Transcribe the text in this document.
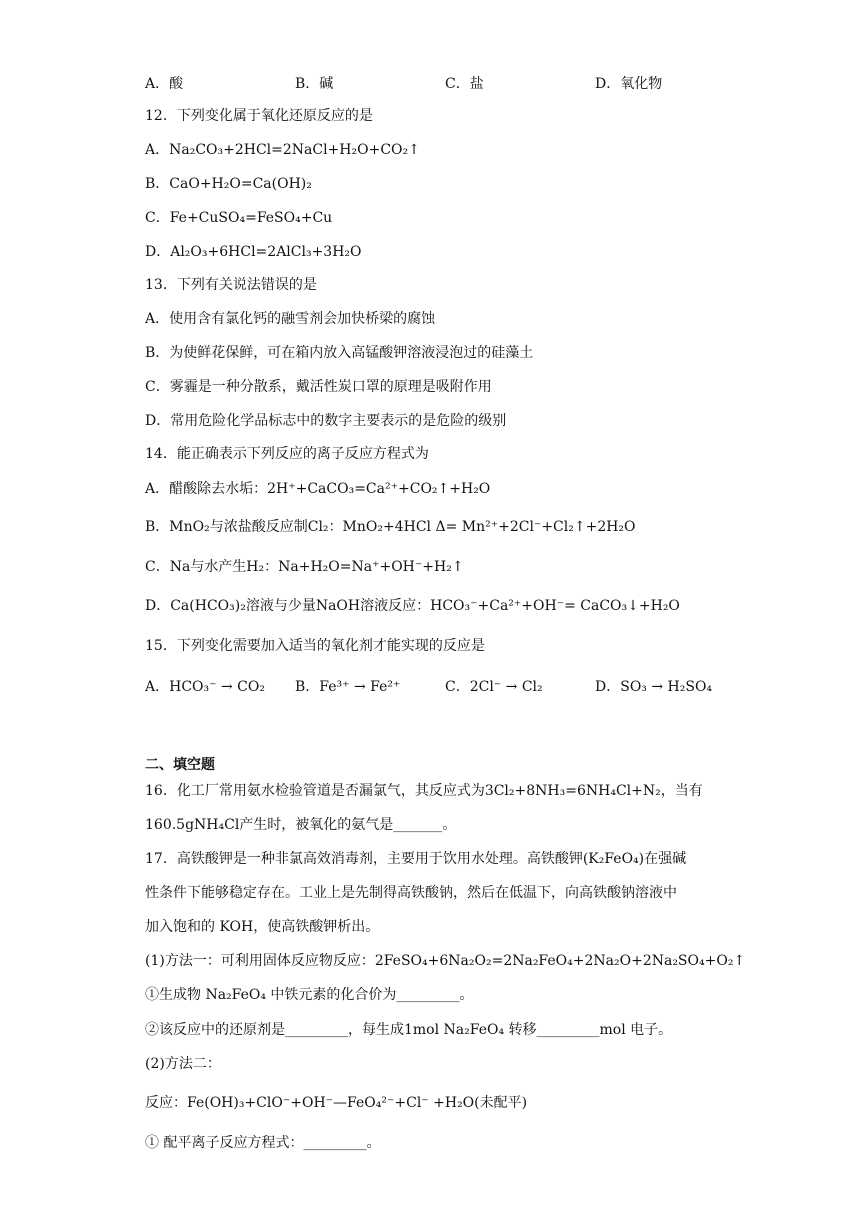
A．酸	B．碱	C．盐	D．氧化物
12．下列变化属于氧化还原反应的是
A．Na₂CO₃+2HCl=2NaCl+H₂O+CO₂↑
B．CaO+H₂O=Ca(OH)₂
C．Fe+CuSO₄=FeSO₄+Cu
D．Al₂O₃+6HCl=2AlCl₃+3H₂O
13．下列有关说法错误的是
A．使用含有氯化钙的融雪剂会加快桥梁的腐蚀
B．为使鲜花保鲜，可在箱内放入高锰酸钾溶液浸泡过的硅藻土
C．雾霾是一种分散系，戴活性炭口罩的原理是吸附作用
D．常用危险化学品标志中的数字主要表示的是危险的级别
14．能正确表示下列反应的离子反应方程式为
A．醋酸除去水垢：2H⁺+CaCO₃=Ca²⁺+CO₂↑+H₂O
B．MnO₂与浓盐酸反应制Cl₂：MnO₂+4HCl Δ= Mn²⁺+2Cl⁻+Cl₂↑+2H₂O
C．Na与水产生H₂：Na+H₂O=Na⁺+OH⁻+H₂↑
D．Ca(HCO₃)₂溶液与少量NaOH溶液反应：HCO₃⁻+Ca²⁺+OH⁻= CaCO₃↓+H₂O
15．下列变化需要加入适当的氧化剂才能实现的反应是
A．HCO₃⁻ → CO₂ B．Fe³⁺ → Fe²⁺	C．2Cl⁻ → Cl₂	D．SO₃ → H₂SO₄
二、填空题
16．化工厂常用氨水检验管道是否漏氯气，其反应式为3Cl₂+8NH₃=6NH₄Cl+N₂，当有
160.5gNH₄Cl产生时，被氧化的氨气是_______。
17．高铁酸钾是一种非氯高效消毒剂，主要用于饮用水处理。高铁酸钾(K₂FeO₄)在强碱
性条件下能够稳定存在。工业上是先制得高铁酸钠，然后在低温下，向高铁酸钠溶液中
加入饱和的 KOH，使高铁酸钾析出。
(1)方法一：可利用固体反应物反应：2FeSO₄+6Na₂O₂=2Na₂FeO₄+2Na₂O+2Na₂SO₄+O₂↑
①生成物 Na₂FeO₄ 中铁元素的化合价为_________。
②该反应中的还原剂是_________，每生成1mol Na₂FeO₄ 转移_________mol 电子。
(2)方法二：
反应：Fe(OH)₃+ClO⁻+OH⁻—FeO₄²⁻+Cl⁻ +H₂O(未配平)
① 配平离子反应方程式：_________。
